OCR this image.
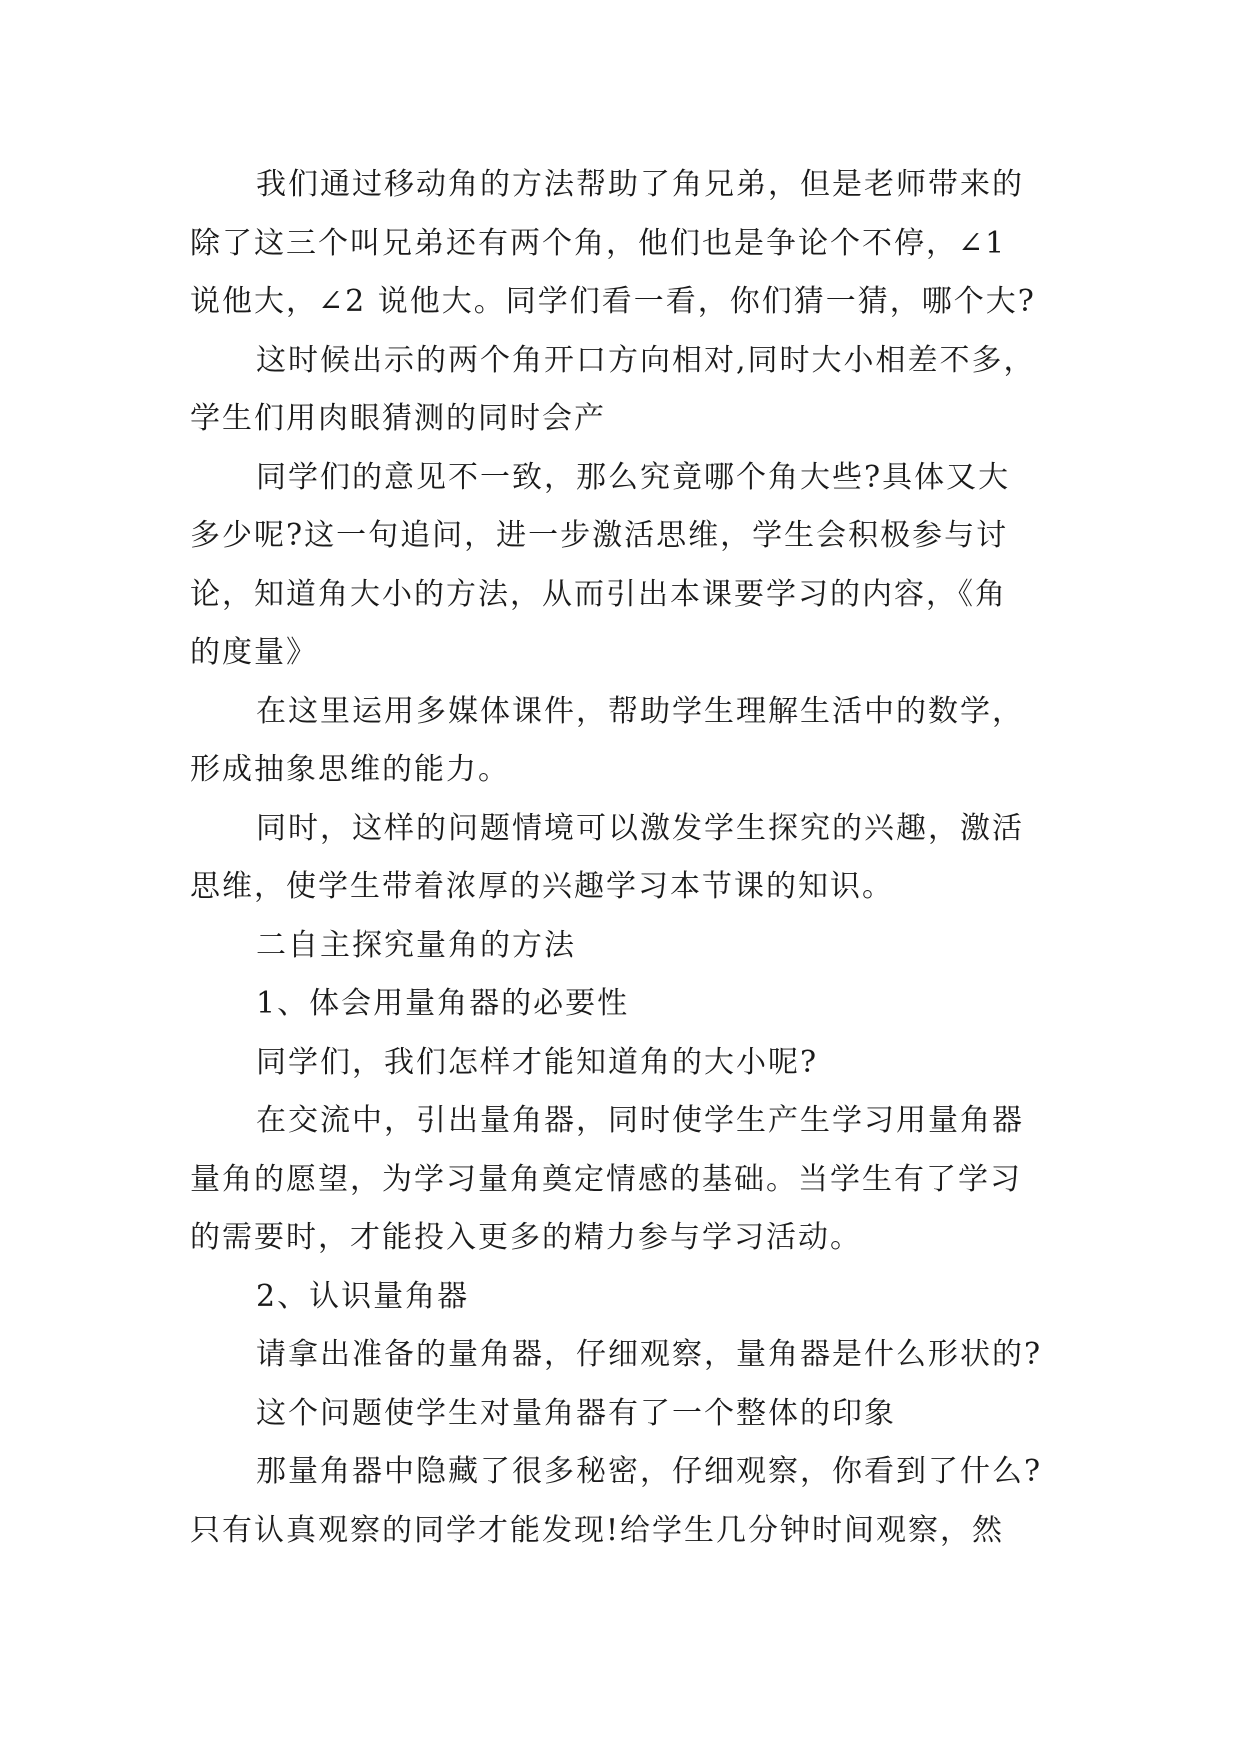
我们通过移动角的方法帮助了角兄弟，但是老师带来的
除了这三个叫兄弟还有两个角，他们也是争论个不停，∠1
说他大，∠2 说他大。同学们看一看，你们猜一猜，哪个大?
这时候出示的两个角开口方向相对,同时大小相差不多，
学生们用肉眼猜测的同时会产
同学们的意见不一致，那么究竟哪个角大些?具体又大
多少呢?这一句追问，进一步激活思维，学生会积极参与讨
论，知道角大小的方法，从而引出本课要学习的内容，《角
的度量》
在这里运用多媒体课件，帮助学生理解生活中的数学，
形成抽象思维的能力。
同时，这样的问题情境可以激发学生探究的兴趣，激活
思维，使学生带着浓厚的兴趣学习本节课的知识。
二自主探究量角的方法
1、体会用量角器的必要性
同学们，我们怎样才能知道角的大小呢?
在交流中，引出量角器，同时使学生产生学习用量角器
量角的愿望，为学习量角奠定情感的基础。当学生有了学习
的需要时，才能投入更多的精力参与学习活动。
2、认识量角器
请拿出准备的量角器，仔细观察，量角器是什么形状的?
这个问题使学生对量角器有了一个整体的印象
那量角器中隐藏了很多秘密，仔细观察，你看到了什么?
只有认真观察的同学才能发现!给学生几分钟时间观察，然
